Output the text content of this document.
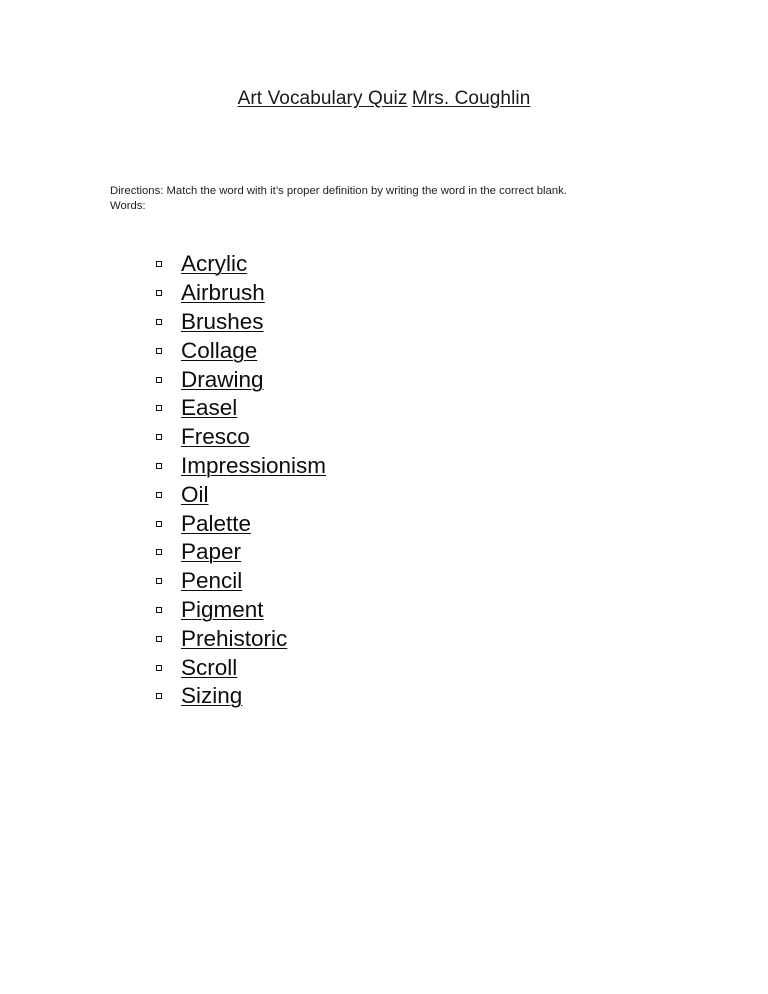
Art Vocabulary Quiz Mrs. Coughlin
Directions: Match the word with it’s proper definition by writing the word in the correct blank.
Words:
Acrylic
Airbrush
Brushes
Collage
Drawing
Easel
Fresco
Impressionism
Oil
Palette
Paper
Pencil
Pigment
Prehistoric
Scroll
Sizing
